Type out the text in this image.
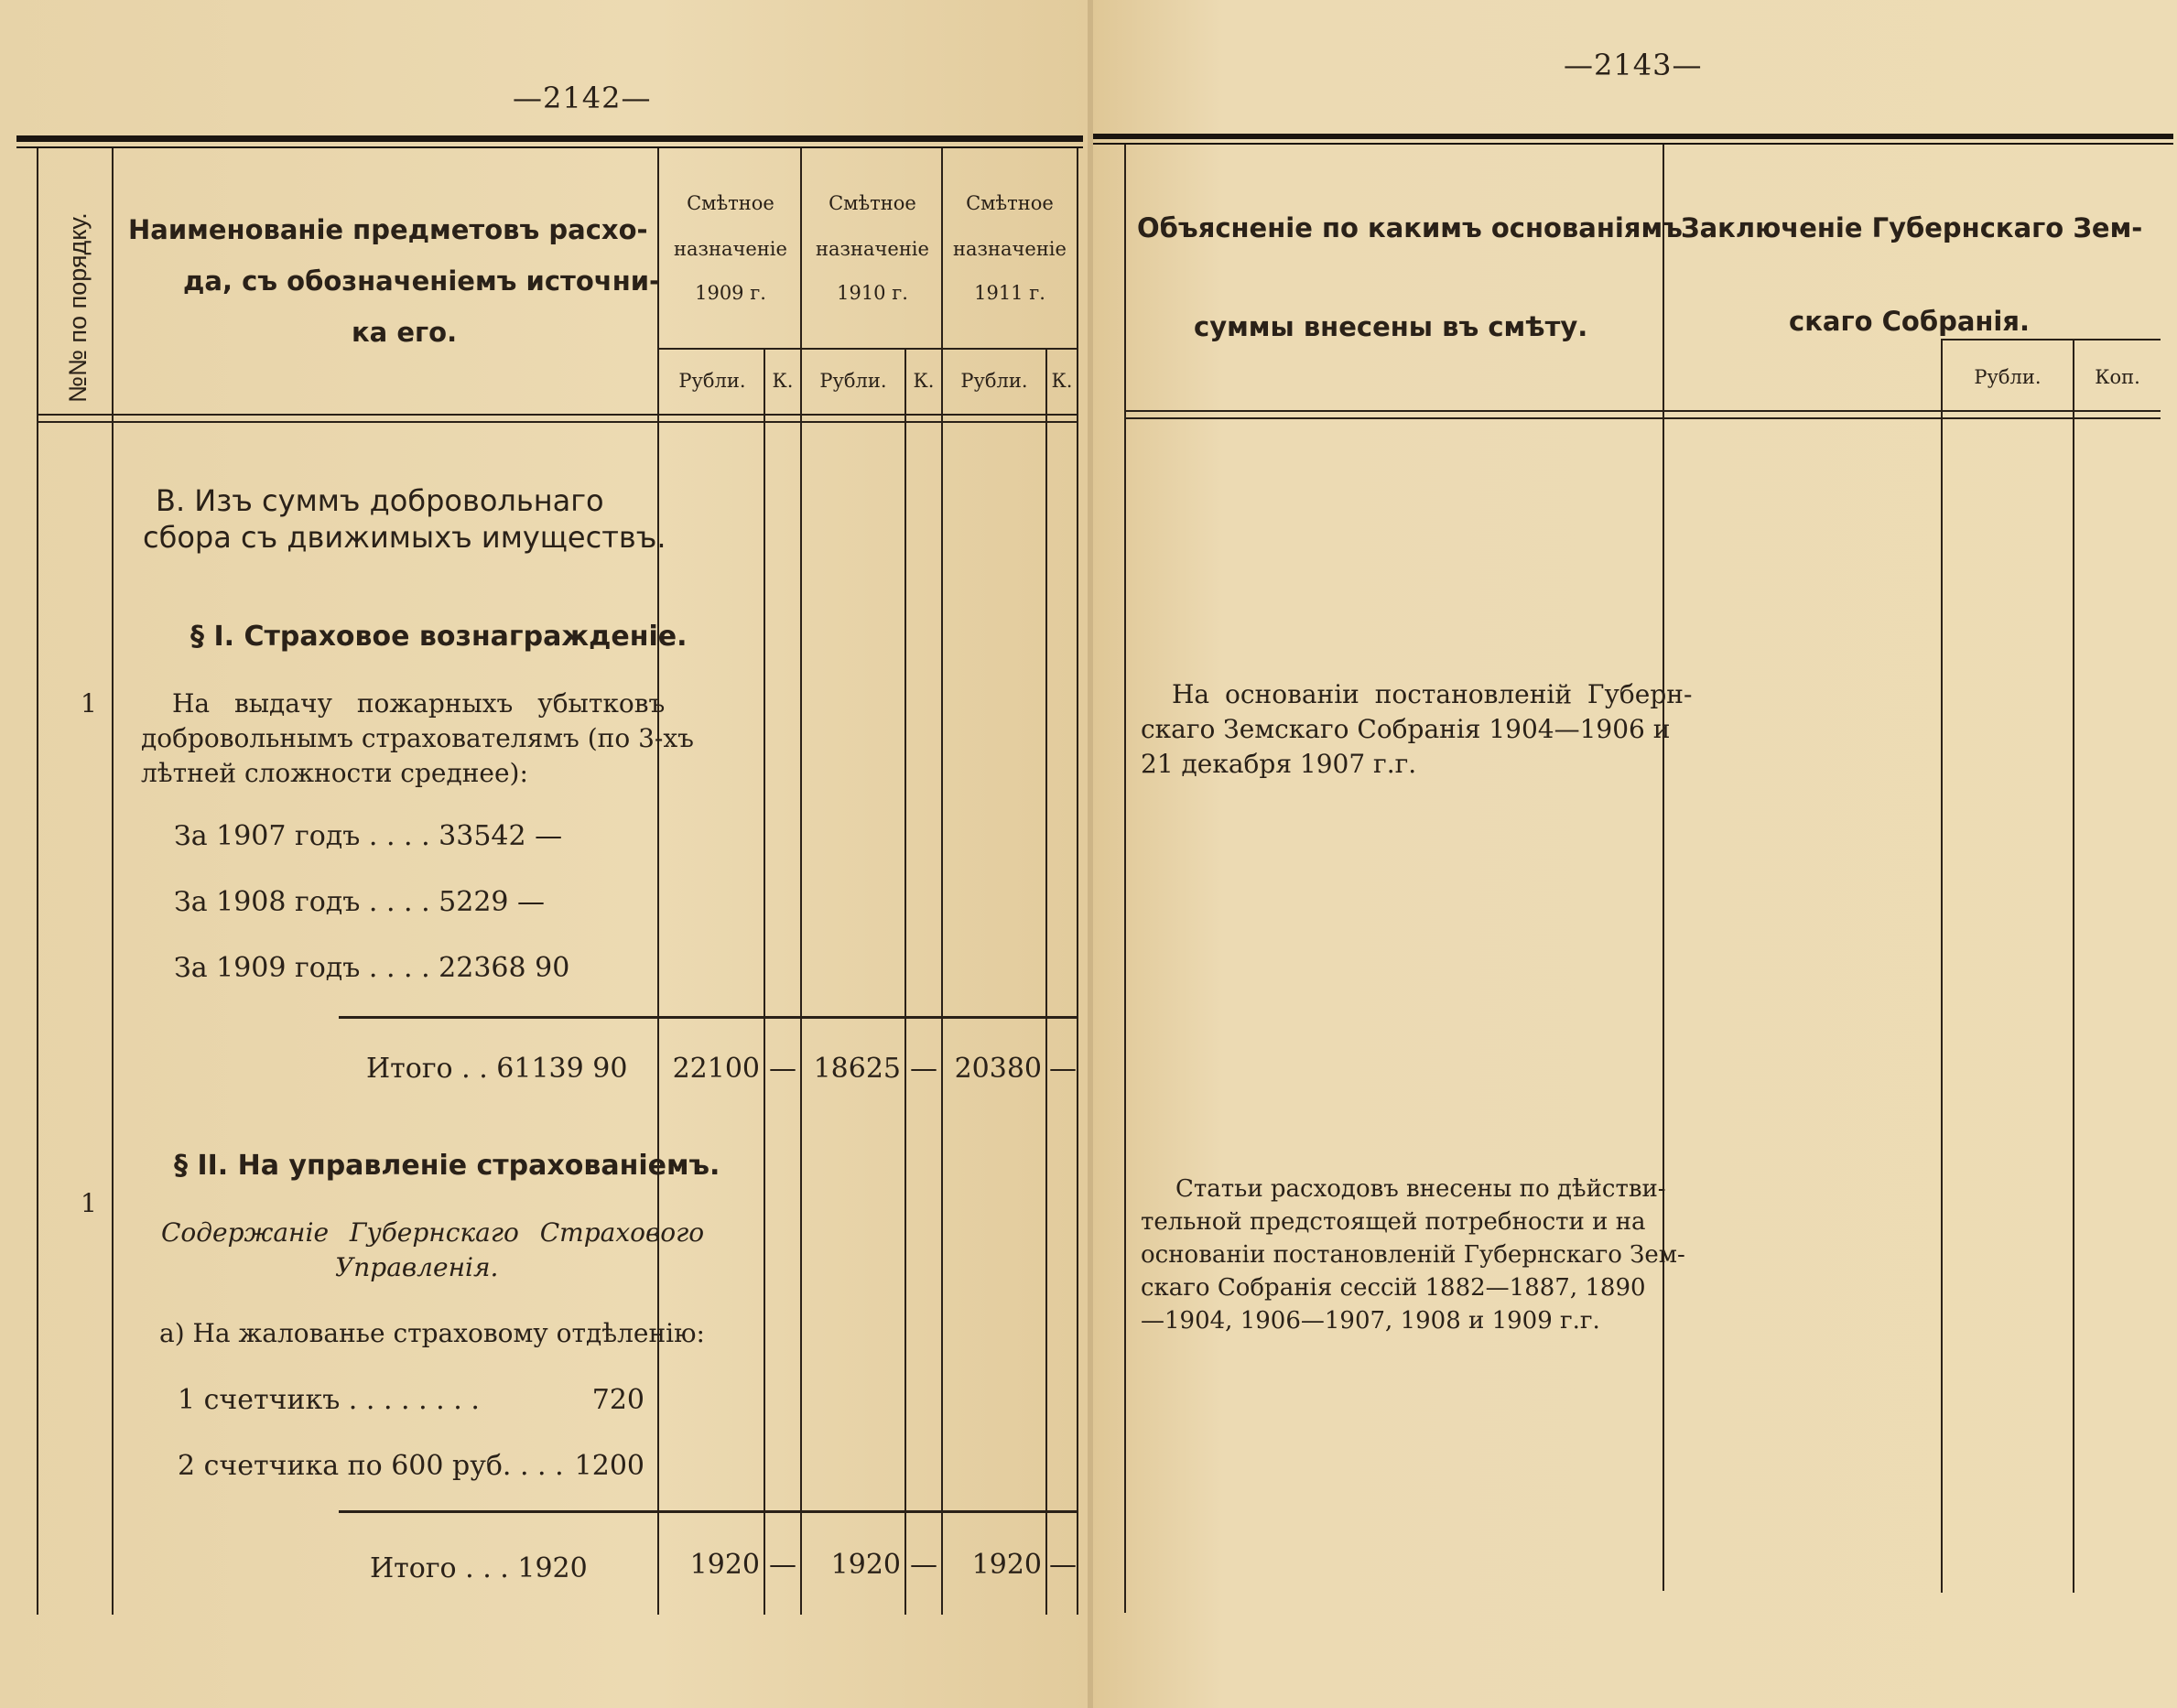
—2142—
№№ по порядку. Наименованіе предметовъ расхо-
да, съ обозначеніемъ источни-
ка его.
Смѣтное
назначеніе
1909 г.
Смѣтное
назначеніе
1910 г.
Смѣтное
назначеніе
1911 г.
Рубли.	К.	Рубли.	К.	Рубли.	К.
В. Изъ суммъ добровольнаго
сбора съ движимыхъ имуществъ.
§ I. Страховое вознагражденіе.
1	На выдачу пожарныхъ убытковъ
добровольнымъ страхователямъ (по 3-хъ
лѣтней сложности среднее):
За 1907 годъ . . . . 33542 —
За 1908 годъ . . . . 5229 —
За 1909 годъ . . . . 22368 90
Итого . . 61139 90	22100 — 18625 — 20380 —
§ II. На управленіе страхованіемъ.
1
Содержаніе Губернскаго Страхового
Управленія.
а) На жалованье страховому отдѣленію:
1 счетчикъ . . . . . . . .	720
2 счетчика по 600 руб. . . . 1200
Итого . . . 1920	1920 —	1920 —	1920 —
—2143—
Объясненіе по какимъ основаніямъ
суммы внесены въ смѣту.
Заключеніе Губернскаго Зем-
скаго Собранія.
Рубли.	Коп.
На основаніи постановленій Губерн-
скаго Земскаго Собранія 1904—1906 и
21 декабря 1907 г.г.
Статьи расходовъ внесены по дѣйстви-
тельной предстоящей потребности и на
основаніи постановленій Губернскаго Зем-
скаго Собранія сессій 1882—1887, 1890
—1904, 1906—1907, 1908 и 1909 г.г.
